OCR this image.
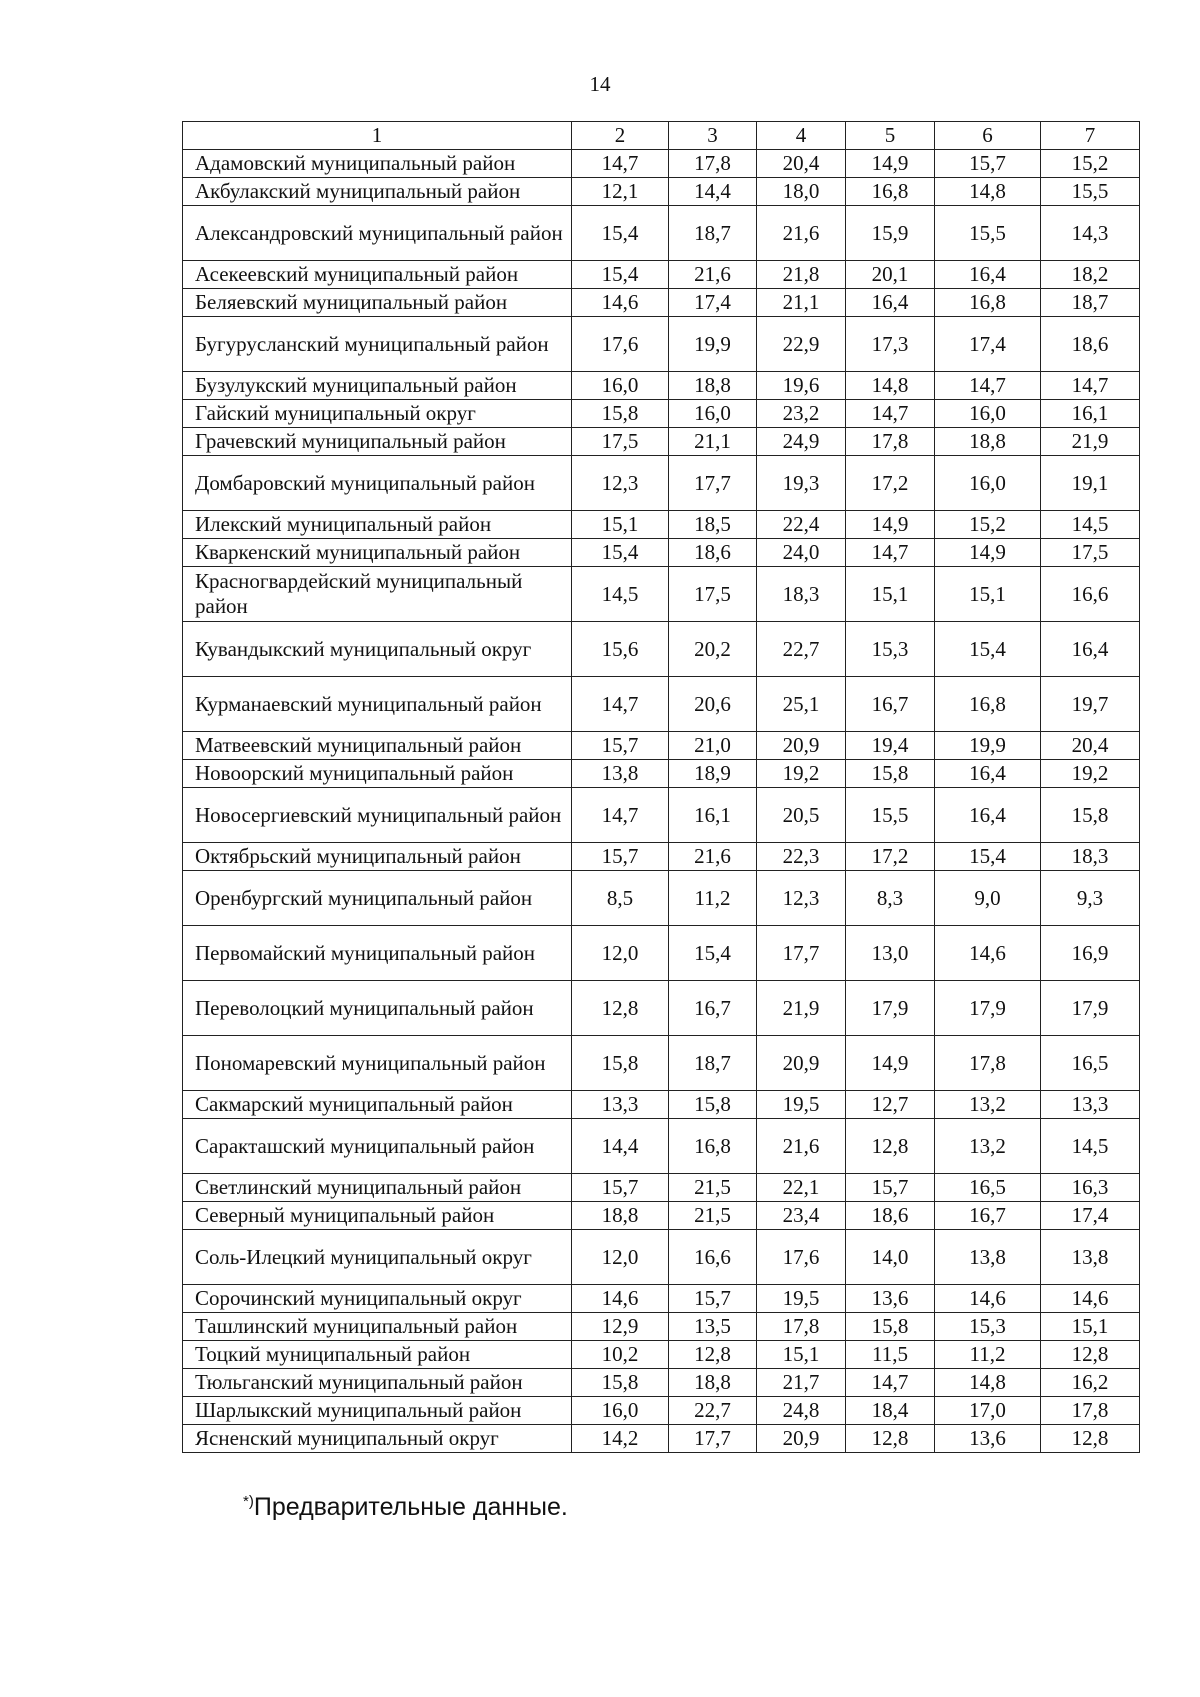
14
1	2	3	4	5	6	7
Адамовский муниципальный район	14,7	17,8	20,4	14,9	15,7	15,2
Акбулакский муниципальный район	12,1	14,4	18,0	16,8	14,8	15,5
Александровский муниципальный район	15,4	18,7	21,6	15,9	15,5	14,3
Асекеевский муниципальный район	15,4	21,6	21,8	20,1	16,4	18,2
Беляевский муниципальный район	14,6	17,4	21,1	16,4	16,8	18,7
Бугурусланский муниципальный район	17,6	19,9	22,9	17,3	17,4	18,6
Бузулукский муниципальный район	16,0	18,8	19,6	14,8	14,7	14,7
Гайский муниципальный округ	15,8	16,0	23,2	14,7	16,0	16,1
Грачевский муниципальный район	17,5	21,1	24,9	17,8	18,8	21,9
Домбаровский муниципальный район	12,3	17,7	19,3	17,2	16,0	19,1
Илекский муниципальный район	15,1	18,5	22,4	14,9	15,2	14,5
Кваркенский муниципальный район	15,4	18,6	24,0	14,7	14,9	17,5
Красногвардейский муниципальный район	14,5	17,5	18,3	15,1	15,1	16,6
Кувандыкский муниципальный округ	15,6	20,2	22,7	15,3	15,4	16,4
Курманаевский муниципальный район	14,7	20,6	25,1	16,7	16,8	19,7
Матвеевский муниципальный район	15,7	21,0	20,9	19,4	19,9	20,4
Новоорский муниципальный район	13,8	18,9	19,2	15,8	16,4	19,2
Новосергиевский муниципальный район	14,7	16,1	20,5	15,5	16,4	15,8
Октябрьский муниципальный район	15,7	21,6	22,3	17,2	15,4	18,3
Оренбургский муниципальный район	8,5	11,2	12,3	8,3	9,0	9,3
Первомайский муниципальный район	12,0	15,4	17,7	13,0	14,6	16,9
Переволоцкий муниципальный район	12,8	16,7	21,9	17,9	17,9	17,9
Пономаревский муниципальный район	15,8	18,7	20,9	14,9	17,8	16,5
Сакмарский муниципальный район	13,3	15,8	19,5	12,7	13,2	13,3
Саракташский муниципальный район	14,4	16,8	21,6	12,8	13,2	14,5
Светлинский муниципальный район	15,7	21,5	22,1	15,7	16,5	16,3
Северный муниципальный район	18,8	21,5	23,4	18,6	16,7	17,4
Соль-Илецкий муниципальный округ	12,0	16,6	17,6	14,0	13,8	13,8
Сорочинский муниципальный округ	14,6	15,7	19,5	13,6	14,6	14,6
Ташлинский муниципальный район	12,9	13,5	17,8	15,8	15,3	15,1
Тоцкий муниципальный район	10,2	12,8	15,1	11,5	11,2	12,8
Тюльганский муниципальный район	15,8	18,8	21,7	14,7	14,8	16,2
Шарлыкский муниципальный район	16,0	22,7	24,8	18,4	17,0	17,8
Ясненский муниципальный округ	14,2	17,7	20,9	12,8	13,6	12,8
*)Предварительные данные.
